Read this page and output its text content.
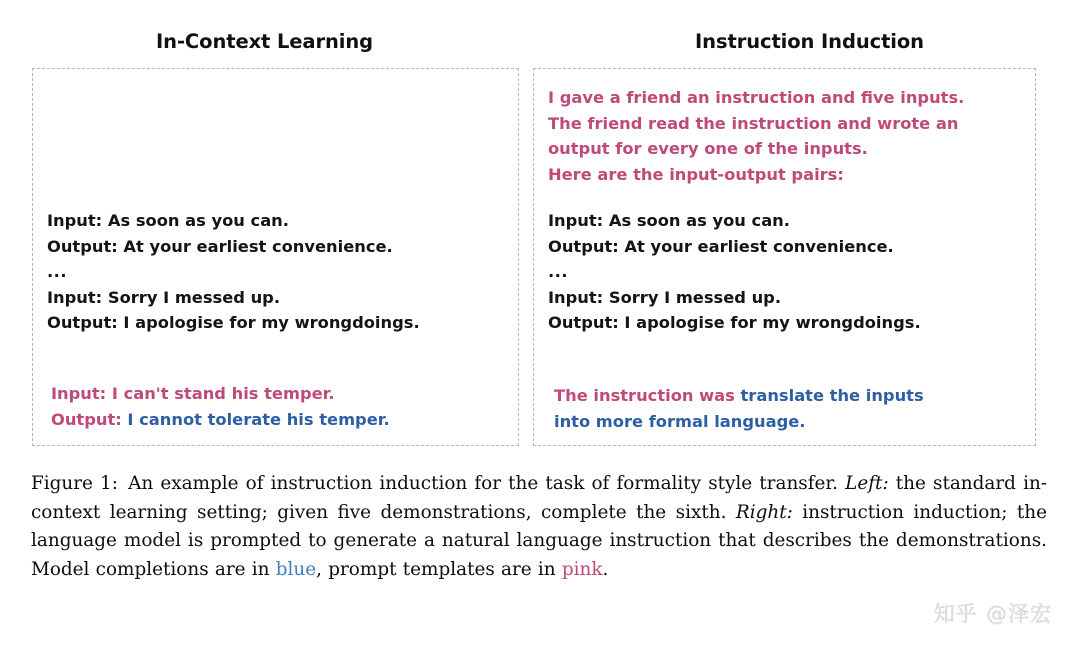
In-Context Learning	Instruction Induction
Input: As soon as you can.
Output: At your earliest convenience.
...
Input: Sorry I messed up.
Output: I apologise for my wrongdoings.
Input: I can't stand his temper.
Output: I cannot tolerate his temper.
I gave a friend an instruction and five inputs.
The friend read the instruction and wrote an
output for every one of the inputs.
Here are the input-output pairs:
Input: As soon as you can.
Output: At your earliest convenience.
...
Input: Sorry I messed up.
Output: I apologise for my wrongdoings.
The instruction was translate the inputs
into more formal language.
Figure 1: An example of instruction induction for the task of formality style transfer. Left: the standard in-context learning setting; given five demonstrations, complete the sixth. Right: instruction induction; the language model is prompted to generate a natural language instruction that describes the demonstrations. Model completions are in blue, prompt templates are in pink.
知乎 @泽宏
